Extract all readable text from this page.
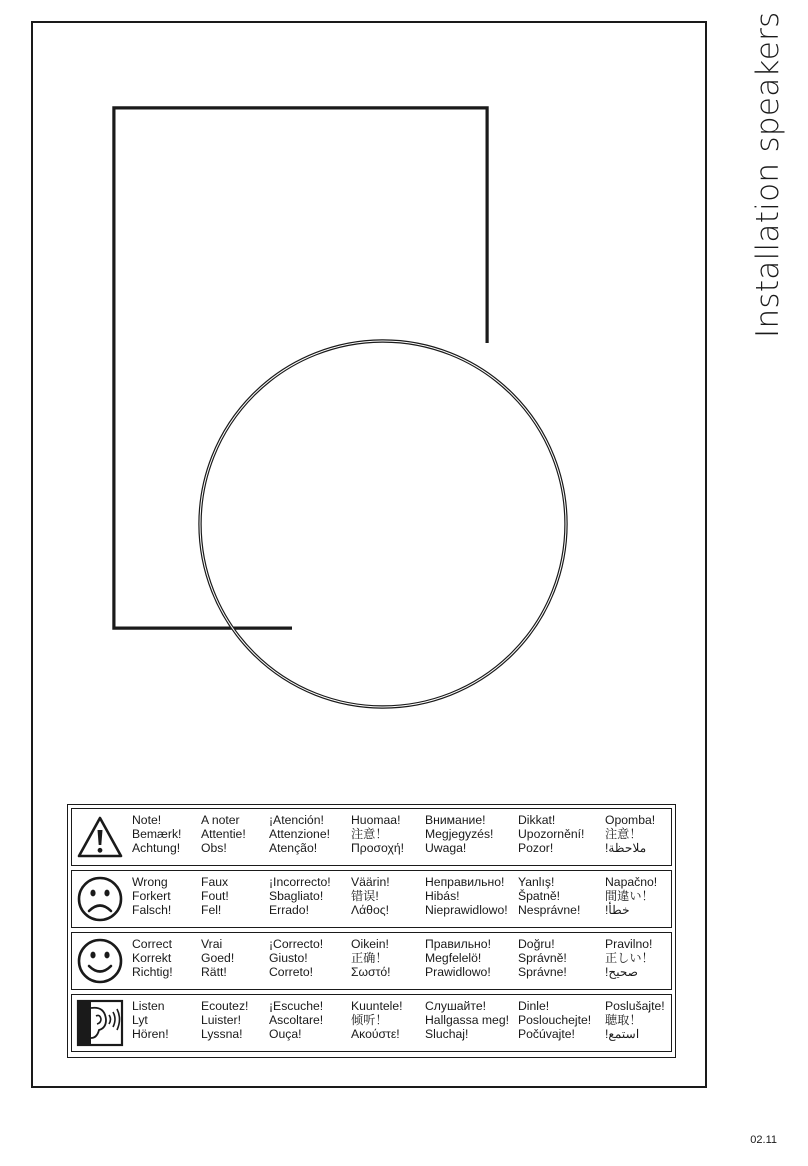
Installation speakers
Note!
Bemærk!
Achtung!
A noter
Attentie!
Obs!
¡Atención!
Attenzione!
Atenção!
Huomaa!
注意！
Προσοχή!
Внимание!
Megjegyzés!
Uwaga!
Dikkat!
Upozornění!
Pozor!
Opomba!
注意！
!ملاحظة
Wrong
Forkert
Falsch!
Faux
Fout!
Fel!
¡Incorrecto!
Sbagliato!
Errado!
Väärin!
错误!
Λάθος!
Неправильно!
Hibás!
Nieprawidlowo!
Yanlış!
Špatně!
Nesprávne!
Napačno!
間違い！
!خطأ
Correct
Korrekt
Richtig!
Vrai
Goed!
Rätt!
¡Correcto!
Giusto!
Correto!
Oikein!
正确！
Σωστό!
Правильно!
Megfelelö!
Prawidlowo!
Doğru!
Správně!
Správne!
Pravilno!
正しい！
!صحيح
Listen
Lyt
Hören!
Ecoutez!
Luister!
Lyssna!
¡Escuche!
Ascoltare!
Ouça!
Kuuntele!
倾听！
Ακούστε!
Слушайте!
Hallgassa meg!
Sluchaj!
Dinle!
Poslouchejte!
Počúvajte!
Poslušajte!
聴取！
!استمع
02.11
